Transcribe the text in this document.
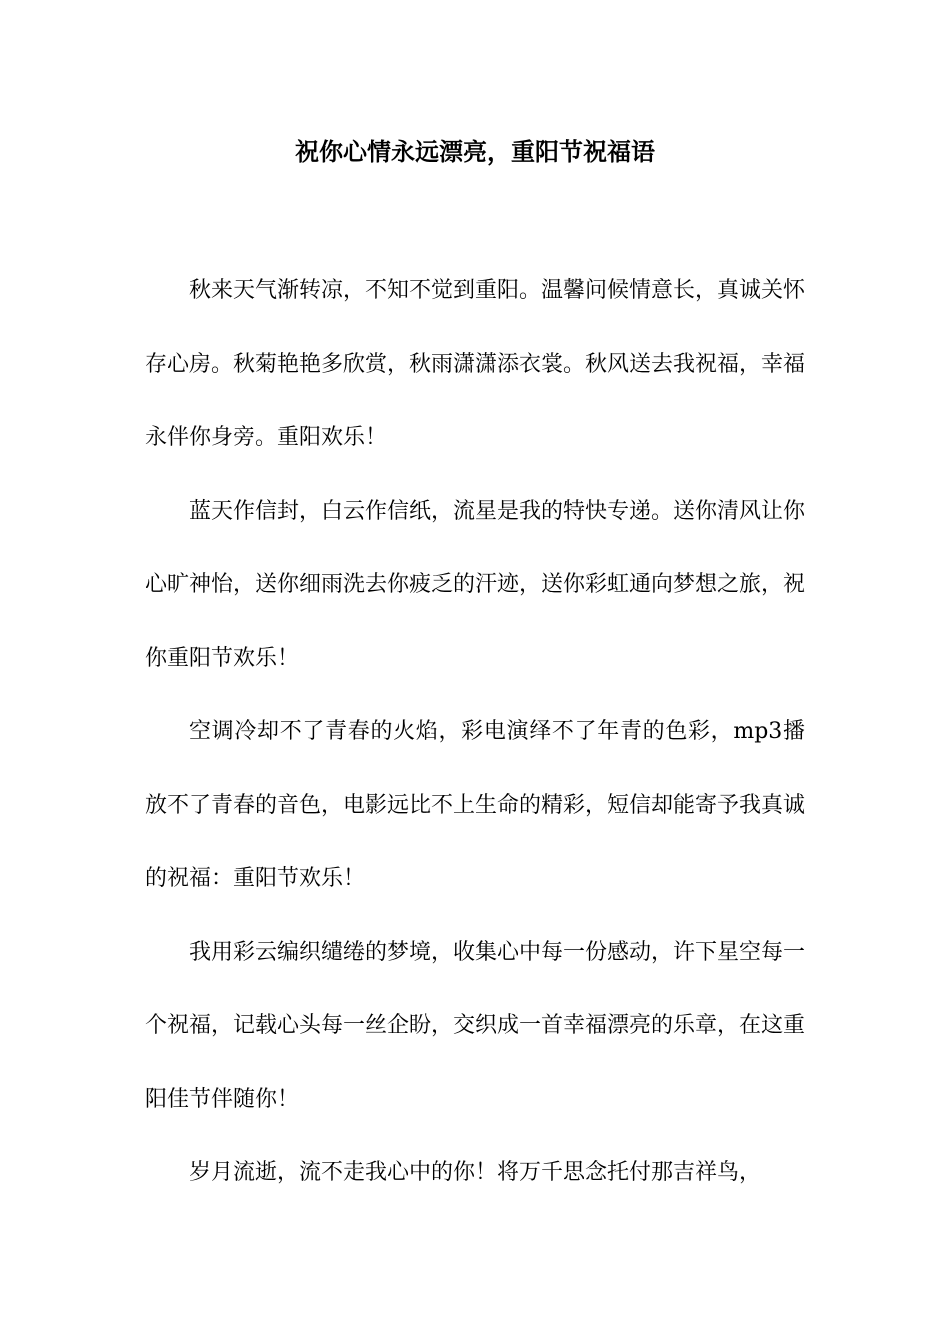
祝你心情永远漂亮，重阳节祝福语

秋来天气渐转凉，不知不觉到重阳。温馨问候情意长，真诚关怀存心房。秋菊艳艳多欣赏，秋雨潇潇添衣裳。秋风送去我祝福，幸福永伴你身旁。重阳欢乐！

蓝天作信封，白云作信纸，流星是我的特快专递。送你清风让你心旷神怡，送你细雨洗去你疲乏的汗迹，送你彩虹通向梦想之旅，祝你重阳节欢乐！

空调冷却不了青春的火焰，彩电演绎不了年青的色彩，mp3播放不了青春的音色，电影远比不上生命的精彩，短信却能寄予我真诚的祝福：重阳节欢乐！

我用彩云编织缱绻的梦境，收集心中每一份感动，许下星空每一个祝福，记载心头每一丝企盼，交织成一首幸福漂亮的乐章，在这重阳佳节伴随你！

岁月流逝，流不走我心中的你！将万千思念托付那吉祥鸟，
